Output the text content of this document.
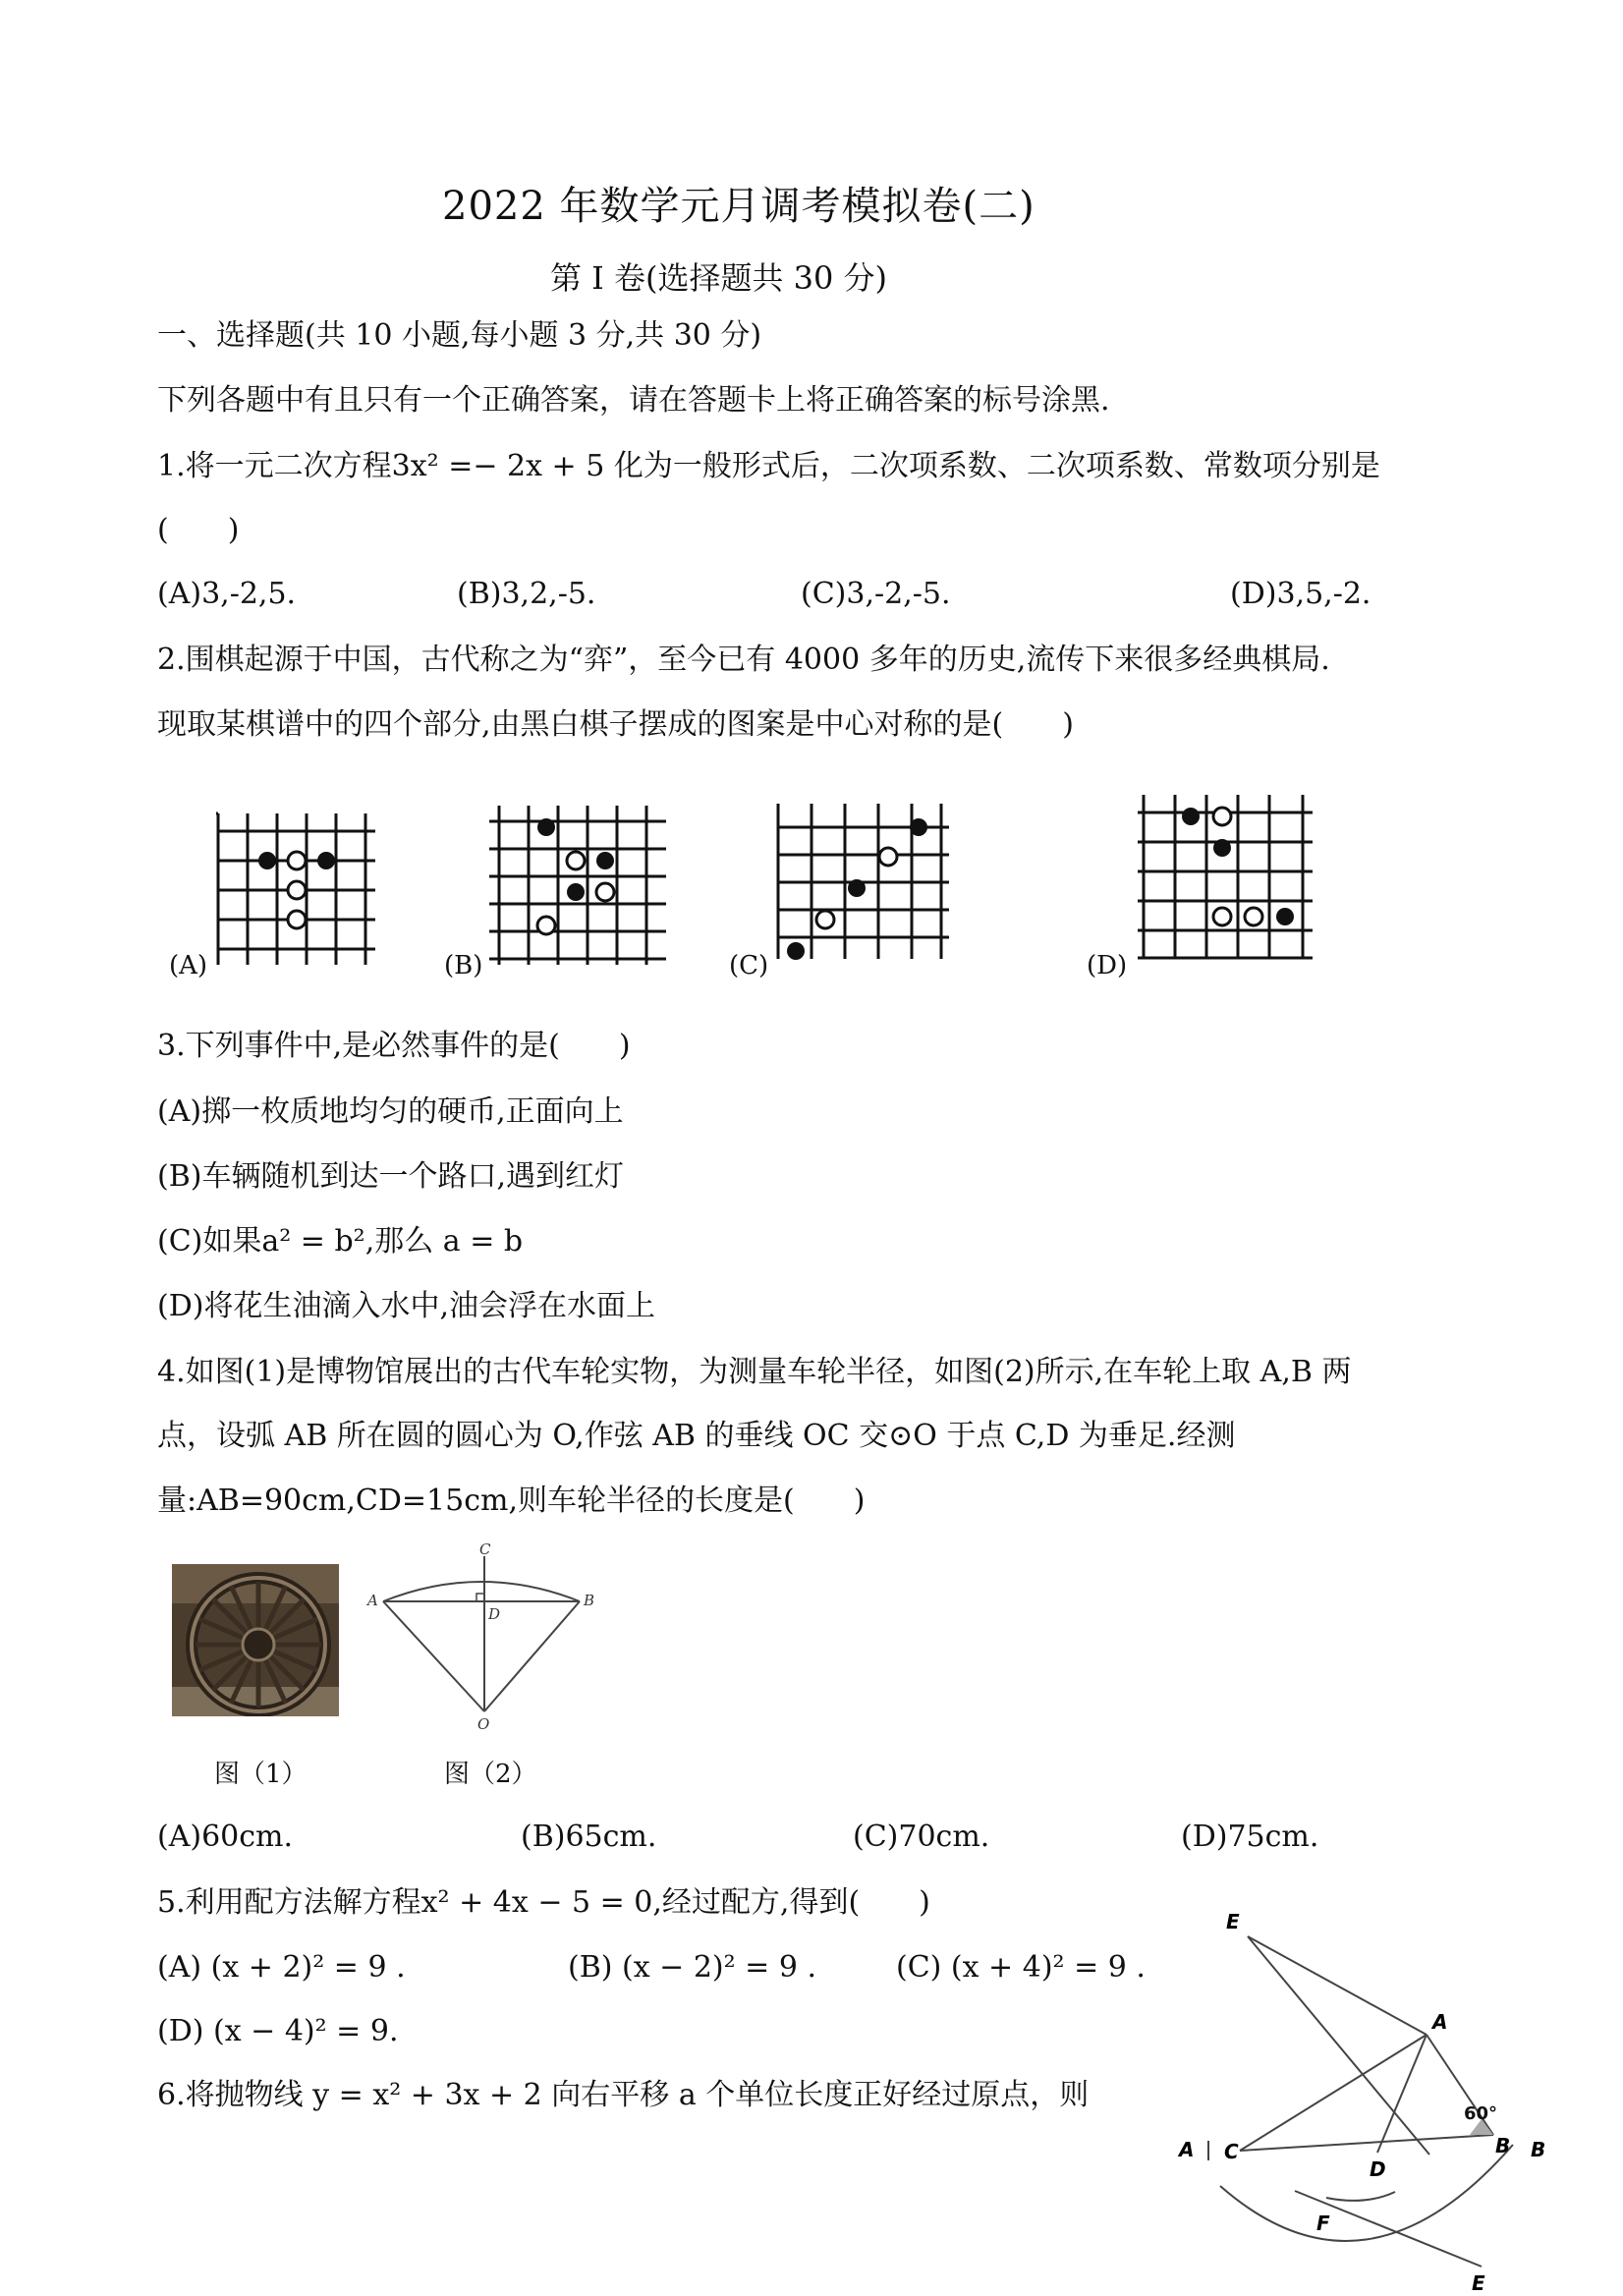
2022 年数学元月调考模拟卷(二)
第 I 卷(选择题共 30 分)
一、选择题(共 10 小题,每小题 3 分,共 30 分)
下列各题中有且只有一个正确答案，请在答题卡上将正确答案的标号涂黑.
1.将一元二次方程3x² =− 2x + 5 化为一般形式后，二次项系数、二次项系数、常数项分别是
(　　)
(A)3,-2,5.	(B)3,2,-5.	(C)3,-2,-5.	(D)3,5,-2.
2.围棋起源于中国，古代称之为“弈”，至今已有 4000 多年的历史,流传下来很多经典棋局.
现取某棋谱中的四个部分,由黑白棋子摆成的图案是中心对称的是(　　)
(A)	(B)	(C)	(D)
3.下列事件中,是必然事件的是(　　)
(A)掷一枚质地均匀的硬币,正面向上
(B)车辆随机到达一个路口,遇到红灯
(C)如果a² = b²,那么 a = b
(D)将花生油滴入水中,油会浮在水面上
4.如图(1)是博物馆展出的古代车轮实物，为测量车轮半径，如图(2)所示,在车轮上取 A,B 两
点，设弧 AB 所在圆的圆心为 O,作弦 AB 的垂线 OC 交⊙O 于点 C,D 为垂足.经测
量:AB=90cm,CD=15cm,则车轮半径的长度是(　　)
图（1）
C
A
D
B
O
图（2）
(A)60cm.	(B)65cm.	(C)70cm.	(D)75cm.
5.利用配方法解方程x² + 4x − 5 = 0,经过配方,得到(　　)
(A) (x + 2)² = 9 .	(B) (x − 2)² = 9 .	(C) (x + 4)² = 9 .
(D) (x − 4)² = 9.
6.将抛物线 y = x² + 3x + 2 向右平移 a 个单位长度正好经过原点，则
E
A
60°
A C
D
B B
F
E
